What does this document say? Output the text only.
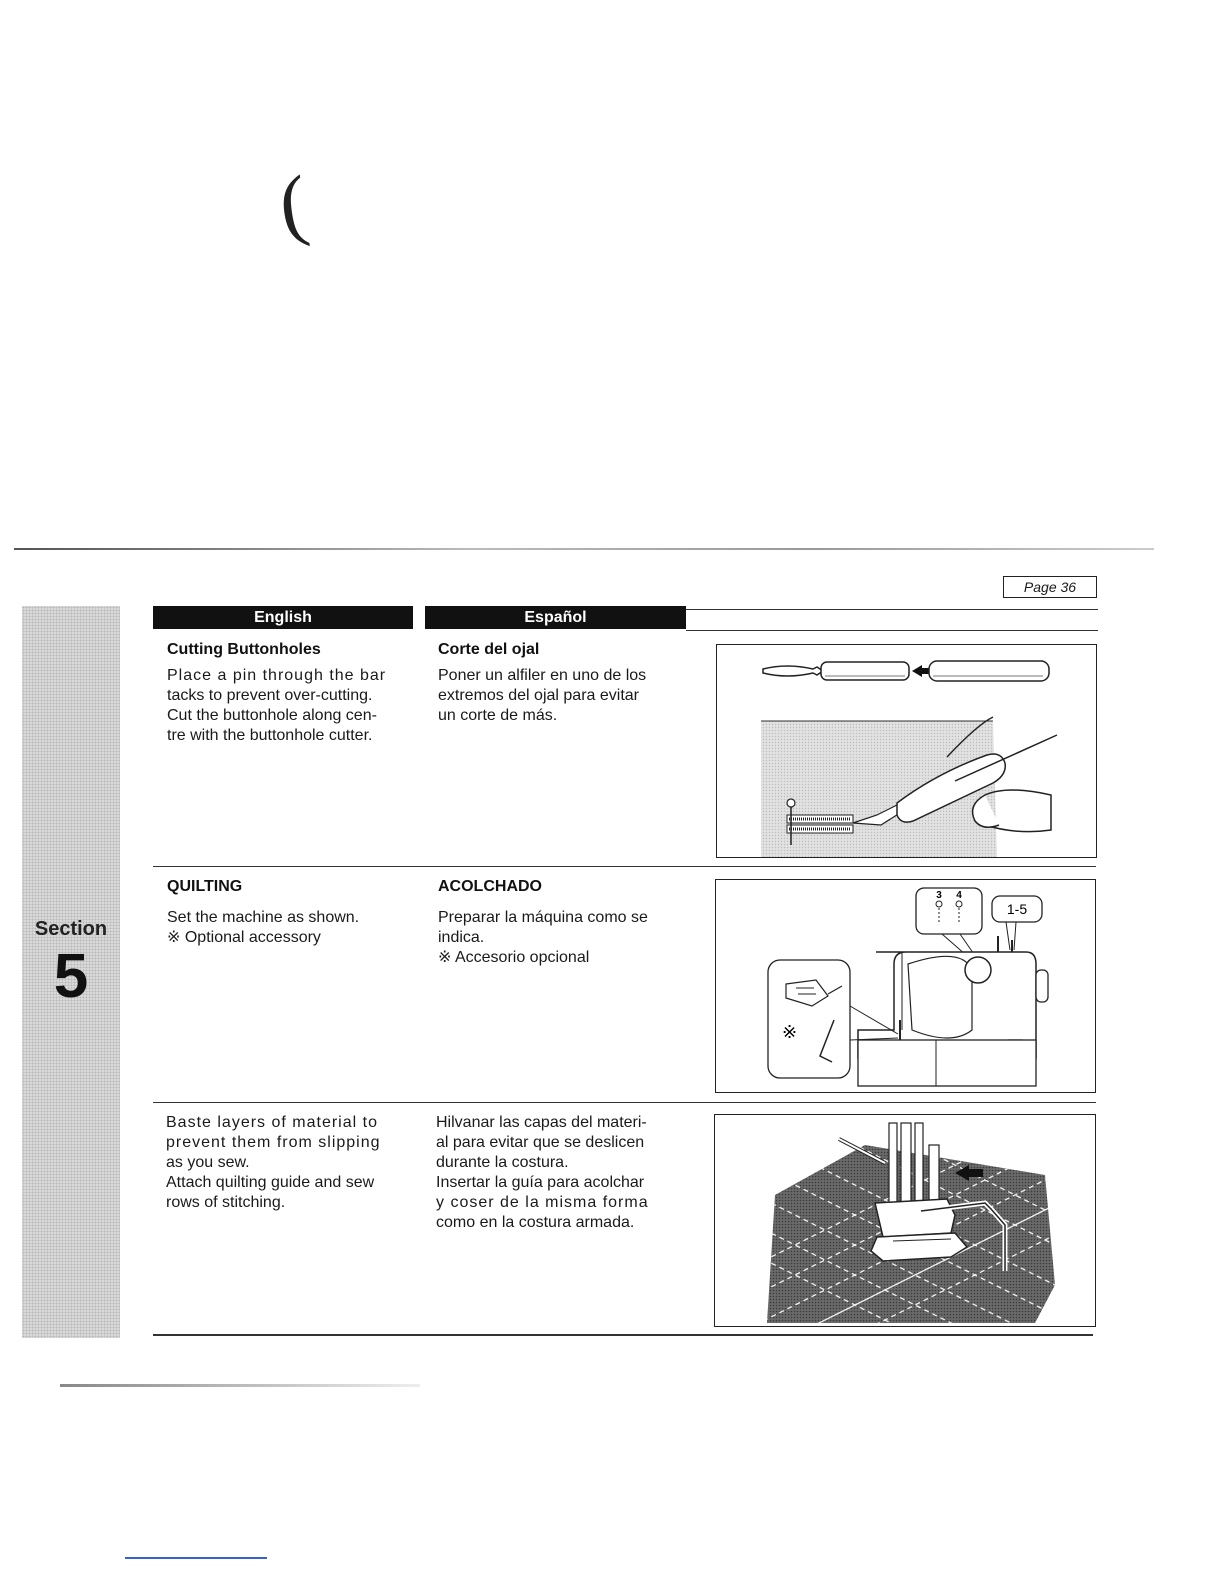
(
Page 36
Section
5
English	Español
Cutting Buttonholes
Place a pin through the bar
tacks to prevent over-cutting.
Cut the buttonhole along cen-
tre with the buttonhole cutter.
Corte del ojal
Poner un alfiler en uno de los
extremos del ojal para evitar
un corte de más.
QUILTING
Set the machine as shown.
※ Optional accessory
ACOLCHADO
Preparar la máquina como se
indica.
※ Accesorio opcional
3 4
1-5
※
Baste layers of material to
prevent them from slipping
as you sew.
Attach quilting guide and sew
rows of stitching.
Hilvanar las capas del materi-
al para evitar que se deslicen
durante la costura.
Insertar la guía para acolchar
y coser de la misma forma
como en la costura armada.
